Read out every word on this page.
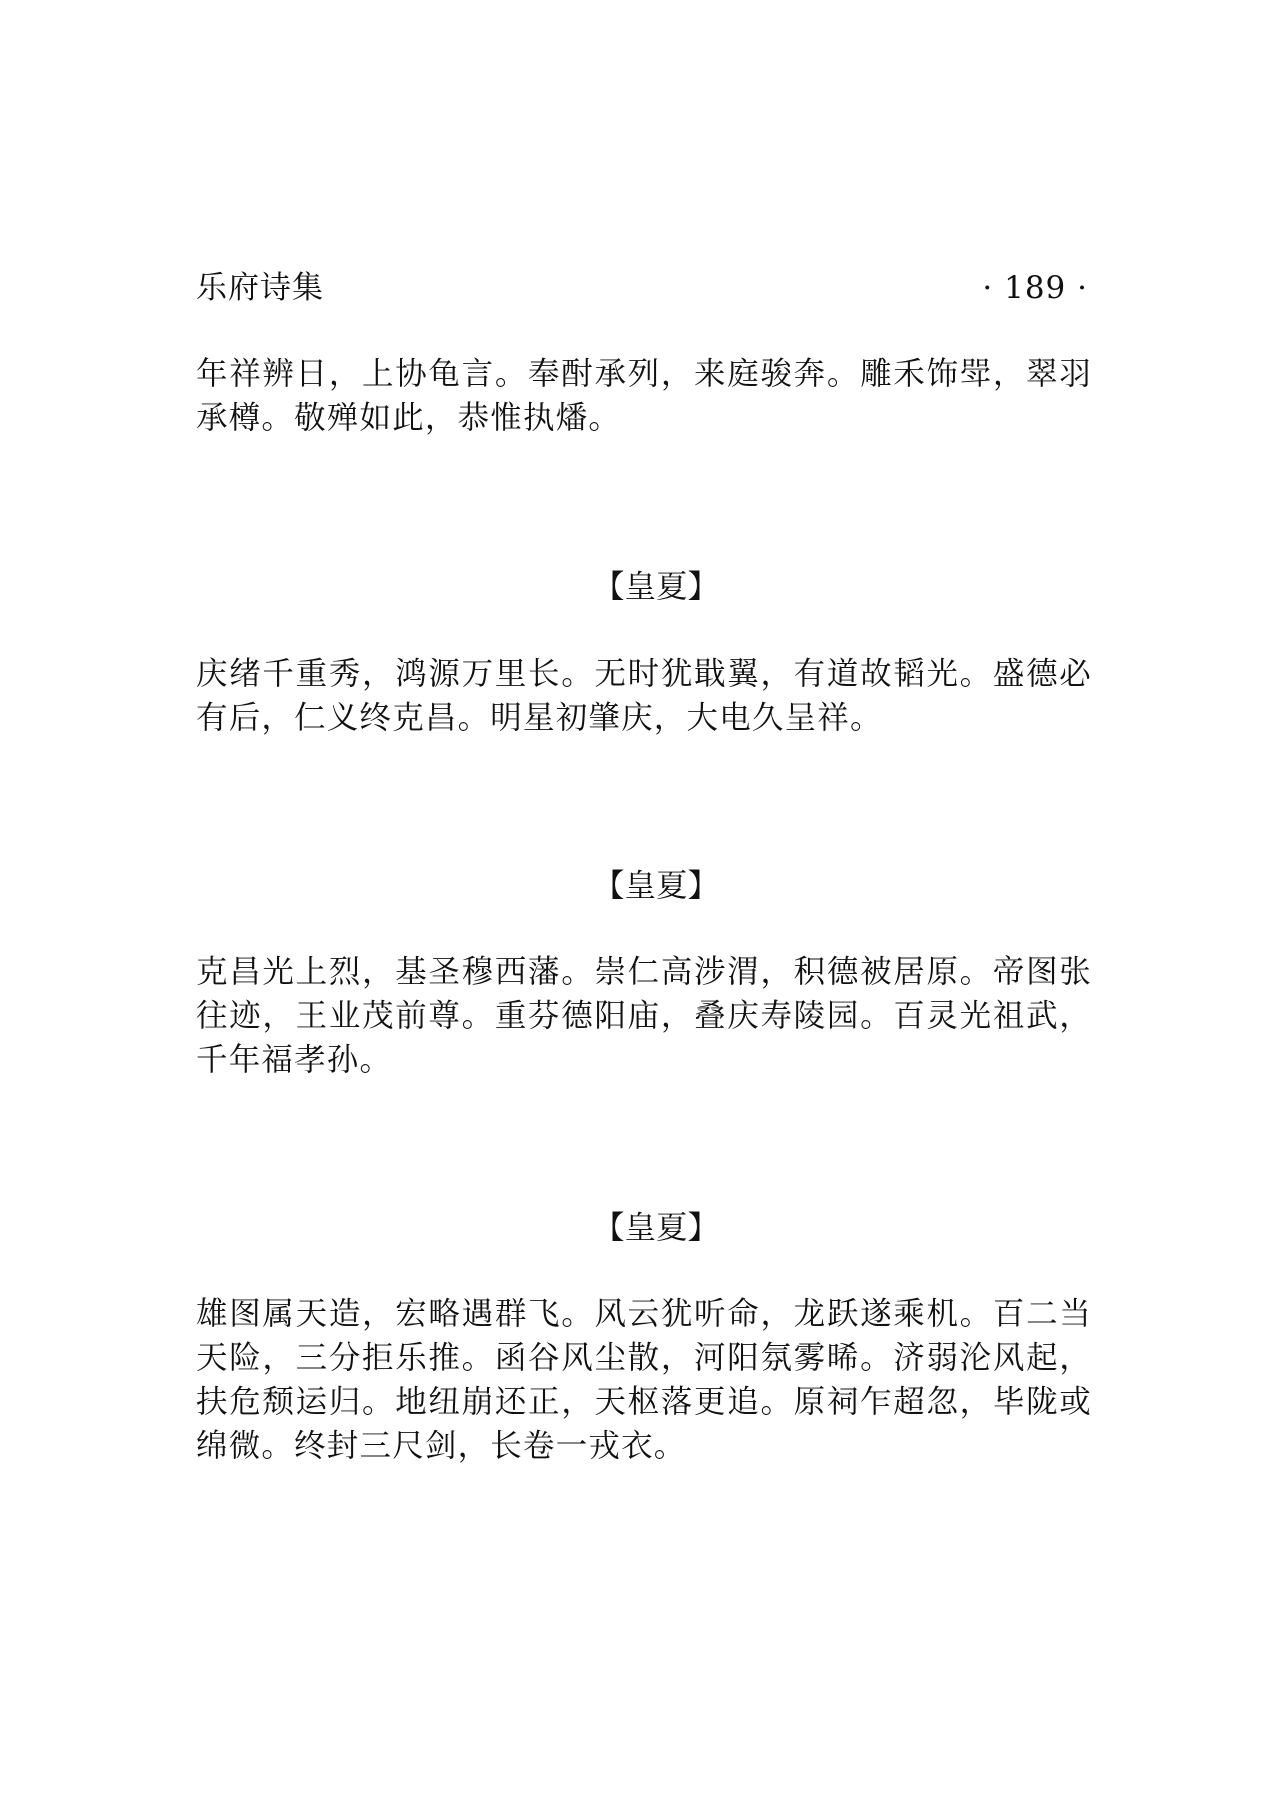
乐府诗集	· 189 ·

年祥辨日，上协龟言。奉酎承列，来庭骏奔。雕禾饰斝，翠羽承樽。敬殚如此，恭惟执燔。

【皇夏】

庆绪千重秀，鸿源万里长。无时犹戢翼，有道故韬光。盛德必有后，仁义终克昌。明星初肇庆，大电久呈祥。

【皇夏】

克昌光上烈，基圣穆西藩。崇仁高涉渭，积德被居原。帝图张往迹，王业茂前尊。重芬德阳庙，叠庆寿陵园。百灵光祖武，千年福孝孙。

【皇夏】

雄图属天造，宏略遇群飞。风云犹听命，龙跃遂乘机。百二当天险，三分拒乐推。函谷风尘散，河阳氛雾晞。济弱沦风起，扶危颓运归。地纽崩还正，天枢落更追。原祠乍超忽，毕陇或绵微。终封三尺剑，长卷一戎衣。
